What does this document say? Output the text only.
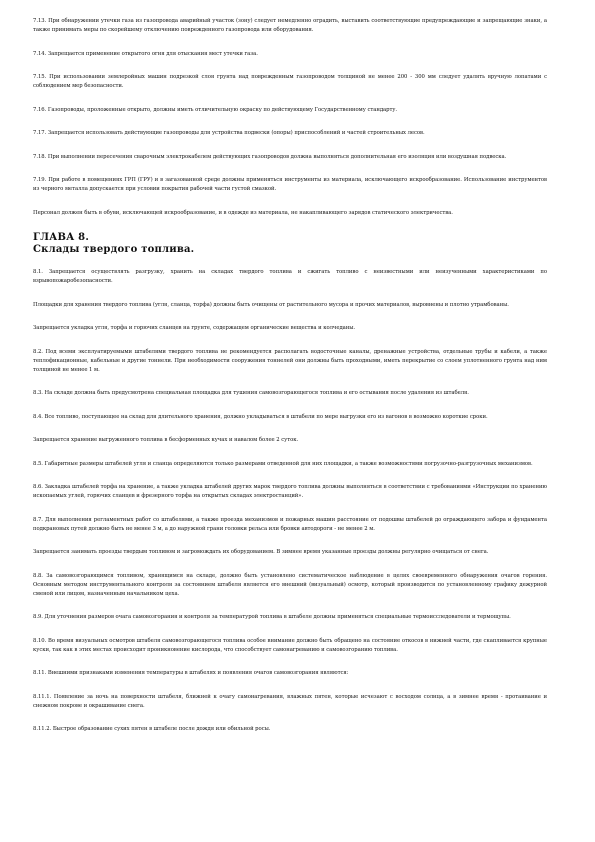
7.13. При обнаружении утечки газа из газопровода аварийный участок (зону) следует немедленно оградить, выставить соответствующие предупреждающие и запрещающие знаки, а также принимать меры по скорейшему отключению поврежденного газопровода или оборудования.

7.14. Запрещается применение открытого огня для отыскания мест утечки газа.

7.15. При использовании землеройных машин подрезкой слоя грунта над поврежденным газопроводом толщиной не менее 200 - 300 мм следует удалять вручную лопатами с соблюдением мер безопасности.

7.16. Газопроводы, проложенные открыто, должны иметь отличительную окраску по действующему Государственному стандарту.

7.17. Запрещается использовать действующие газопроводы для устройства подвески (опоры) приспособлений и частей строительных лесов.

7.18. При выполнении пересечения сварочным электрокабелем действующих газопроводов должна выполняться дополнительная его изоляция или воздушная подвеска.

7.19. При работе в помещениях ГРП (ГРУ) и в загазованной среде должны применяться инструменты из материала, исключающего искрообразование. Использование инструментов из черного металла допускается при условии покрытия рабочей части густой смазкой.

Персонал должен быть в обуви, исключающей искрообразование, и в одежде из материала, не накапливающего зарядов статического электричества.

ГЛАВА 8.
Склады твердого топлива.

8.1. Запрещается осуществлять разгрузку, хранить на складах твердого топлива и сжигать топливо с неизвестными или неизученными характеристиками по взрывопожаробезопасности.

Площадки для хранения твердого топлива (угля, сланца, торфа) должны быть очищены от растительного мусора и прочих материалов, выровнены и плотно утрамбованы.

Запрещается укладка угля, торфа и горючих сланцев на грунте, содержащем органические вещества и колчеданы.

8.2. Под всеми эксплуатируемыми штабелями твердого топлива не рекомендуется располагать водосточные каналы, дренажные устройства, отдельные трубы и кабели, а также теплофикационные, кабельные и другие тоннели. При необходимости сооружения тоннелей они должны быть проходными, иметь перекрытие со слоем уплотненного грунта над ним толщиной не менее 1 м.

8.3. На складе должна быть предусмотрена специальная площадка для тушения самовозгорающегося топлива и его остывания после удаления из штабеля.

8.4. Все топливо, поступающее на склад для длительного хранения, должно укладываться в штабели по мере выгрузки его из вагонов в возможно короткие сроки.

Запрещается хранение выгруженного топлива в бесформенных кучах и навалом более 2 суток.

8.5. Габаритные размеры штабелей угля и сланца определяются только размерами отведенной для них площадки, а также возможностями погрузочно-разгрузочных механизмов.

8.6. Закладка штабелей торфа на хранение, а также укладка штабелей других марок твердого топлива должны выполняться в соответствии с требованиями «Инструкции по хранению ископаемых углей, горючих сланцев и фрезерного торфа на открытых складах электростанций».

8.7. Для выполнения регламентных работ со штабелями, а также проезда механизмов и пожарных машин расстояние от подошвы штабелей до ограждающего забора и фундамента подкрановых путей должно быть не менее 3 м, а до наружной грани головки рельса или бровки автодороги - не менее 2 м.

Запрещается занимать проезды твердым топливом и загромождать их оборудованием. В зимнее время указанные проезды должны регулярно очищаться от снега.

8.8. За самовозгорающимся топливом, хранящимся на складе, должно быть установлено систематическое наблюдение в целях своевременного обнаружения очагов горения. Основным методом инструментального контроля за состоянием штабеля является его внешний (визуальный) осмотр, который производится по установленному графику дежурной сменой или лицом, назначенным начальником цеха.

8.9. Для уточнения размеров очага самовозгорания и контроля за температурой топлива в штабеле должны применяться специальные термоисследователи и термощупы.

8.10. Во время визуальных осмотров штабеля самовозгорающегося топлива особое внимание должно быть обращено на состояние откосов в нижней части, где скапливается крупные куски, так как в этих местах происходит проникновение кислорода, что способствует самонагреванию и самовозгоранию топлива.

8.11. Внешними признаками изменения температуры в штабелях и появления очагов самовозгорания являются:

8.11.1. Появление за ночь на поверхности штабеля, ближней к очагу самонагревания, влажных пятен, которые исчезают с восходом солнца, а в зимнее время - протаивание и снежном покрове и окрашивание снега.

8.11.2. Быстрое образование сухих пятен в штабеле после дождя или обильной росы.
